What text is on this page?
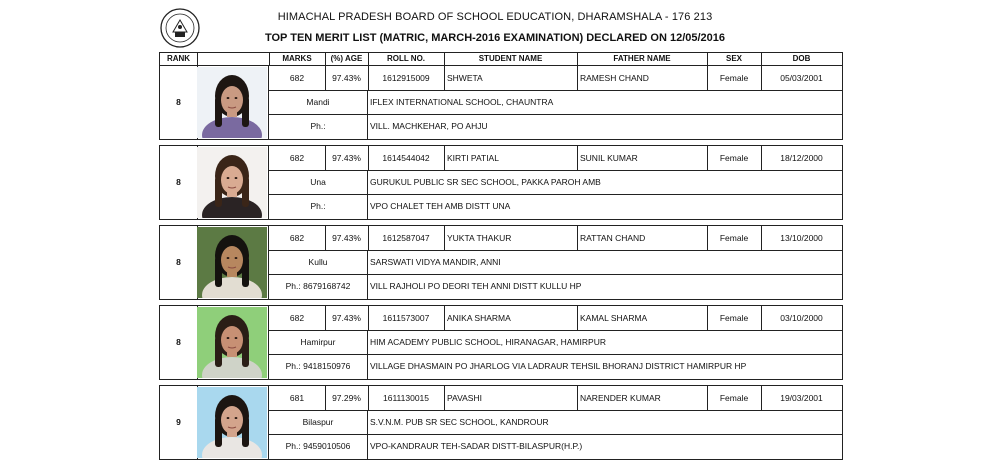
HIMACHAL PRADESH BOARD OF SCHOOL EDUCATION, DHARAMSHALA - 176 213
TOP TEN MERIT LIST (MATRIC, MARCH-2016 EXAMINATION) DECLARED ON 12/05/2016
RANK	MARKS	(%) AGE	ROLL NO.	STUDENT NAME	FATHER NAME	SEX	DOB
8
682	97.43%	1612915009	SHWETA	RAMESH CHAND	Female	05/03/2001
Mandi	IFLEX INTERNATIONAL SCHOOL, CHAUNTRA
Ph.:	VILL. MACHKEHAR, PO AHJU
8
682	97.43%	1614544042	KIRTI PATIAL	SUNIL KUMAR	Female	18/12/2000
Una	GURUKUL PUBLIC SR SEC SCHOOL, PAKKA PAROH AMB
Ph.:	VPO CHALET TEH AMB DISTT UNA
8
682	97.43%	1612587047	YUKTA THAKUR	RATTAN CHAND	Female	13/10/2000
Kullu	SARSWATI VIDYA MANDIR, ANNI
Ph.: 8679168742	VILL RAJHOLI PO DEORI TEH ANNI DISTT KULLU HP
8
682	97.43%	1611573007	ANIKA SHARMA	KAMAL SHARMA	Female	03/10/2000
Hamirpur	HIM ACADEMY PUBLIC SCHOOL, HIRANAGAR, HAMIRPUR
Ph.: 9418150976	VILLAGE DHASMAIN PO JHARLOG VIA LADRAUR TEHSIL BHORANJ DISTRICT HAMIRPUR HP
9
681	97.29%	1611130015	PAVASHI	NARENDER KUMAR	Female	19/03/2001
Bilaspur	S.V.N.M. PUB SR SEC SCHOOL, KANDROUR
Ph.: 9459010506	VPO-KANDRAUR TEH-SADAR DISTT-BILASPUR(H.P.)
